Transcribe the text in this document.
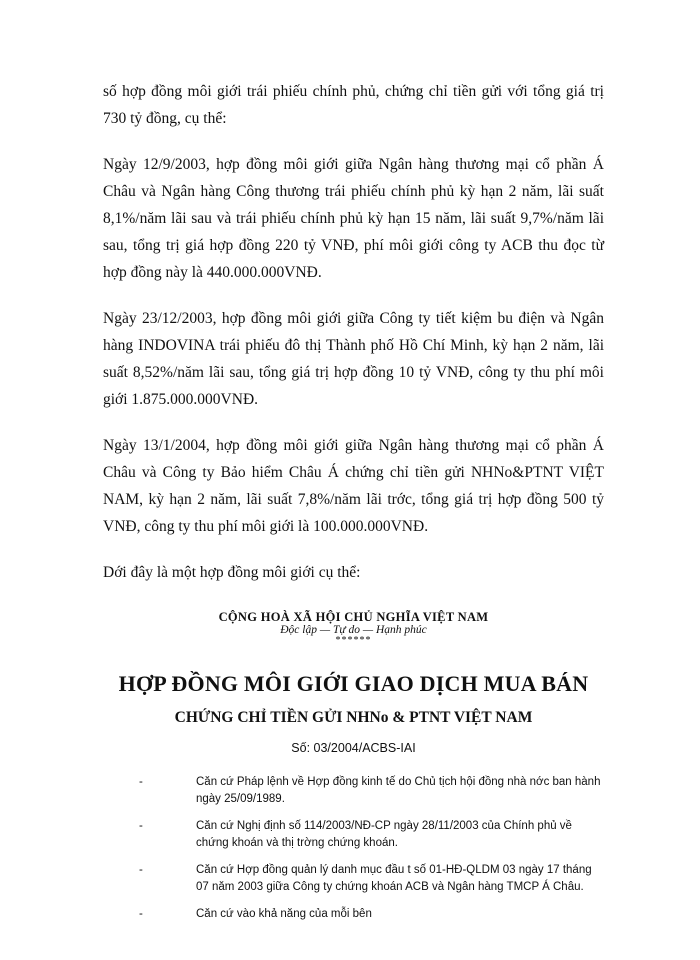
số hợp đồng môi giới trái phiếu chính phủ, chứng chỉ tiền gửi với tổng giá trị 730 tỷ đồng, cụ thể:

Ngày 12/9/2003, hợp đồng môi giới giữa Ngân hàng thương mại cổ phần Á Châu và Ngân hàng Công thương trái phiếu chính phủ kỳ hạn 2 năm, lãi suất 8,1%/năm lãi sau và trái phiếu chính phủ kỳ hạn 15 năm, lãi suất 9,7%/năm lãi sau, tổng trị giá hợp đồng 220 tỷ VNĐ, phí môi giới công ty ACB thu đọc từ hợp đồng này là 440.000.000VNĐ.

Ngày 23/12/2003, hợp đồng môi giới giữa Công ty tiết kiệm bu điện và Ngân hàng INDOVINA trái phiếu đô thị Thành phố Hồ Chí Minh, kỳ hạn 2 năm, lãi suất 8,52%/năm lãi sau, tổng giá trị hợp đồng 10 tỷ VNĐ, công ty thu phí môi giới 1.875.000.000VNĐ.

Ngày 13/1/2004, hợp đồng môi giới giữa Ngân hàng thương mại cổ phần Á Châu và Công ty Bảo hiểm Châu Á chứng chỉ tiền gửi NHNo&PTNT VIỆT NAM, kỳ hạn 2 năm, lãi suất 7,8%/năm lãi trớc, tổng giá trị hợp đồng 500 tỷ VNĐ, công ty thu phí môi giới là 100.000.000VNĐ.

Dới đây là một hợp đồng môi giới cụ thể:

CỘNG HOÀ XÃ HỘI CHỦ NGHĨA VIỆT NAM
Độc lập — Tự do — Hạnh phúc
******
HỢP ĐỒNG MÔI GIỚI GIAO DỊCH MUA BÁN
CHỨNG CHỈ TIỀN GỬI NHNo & PTNT VIỆT NAM
Số: 03/2004/ACBS-IAI
-	Căn cứ Pháp lệnh về Hợp đồng kinh tế do Chủ tịch hội đồng nhà nớc ban hành ngày 25/09/1989.
-	Căn cứ Nghị định số 114/2003/NĐ-CP ngày 28/11/2003 của Chính phủ về chứng khoán và thị trờng chứng khoán.
-	Căn cứ Hợp đồng quản lý danh mục đầu t số 01-HĐ-QLDM 03 ngày 17 tháng 07 năm 2003 giữa Công ty chứng khoán ACB và Ngân hàng TMCP Á Châu.
-	Căn cứ vào khả năng của mỗi bên
